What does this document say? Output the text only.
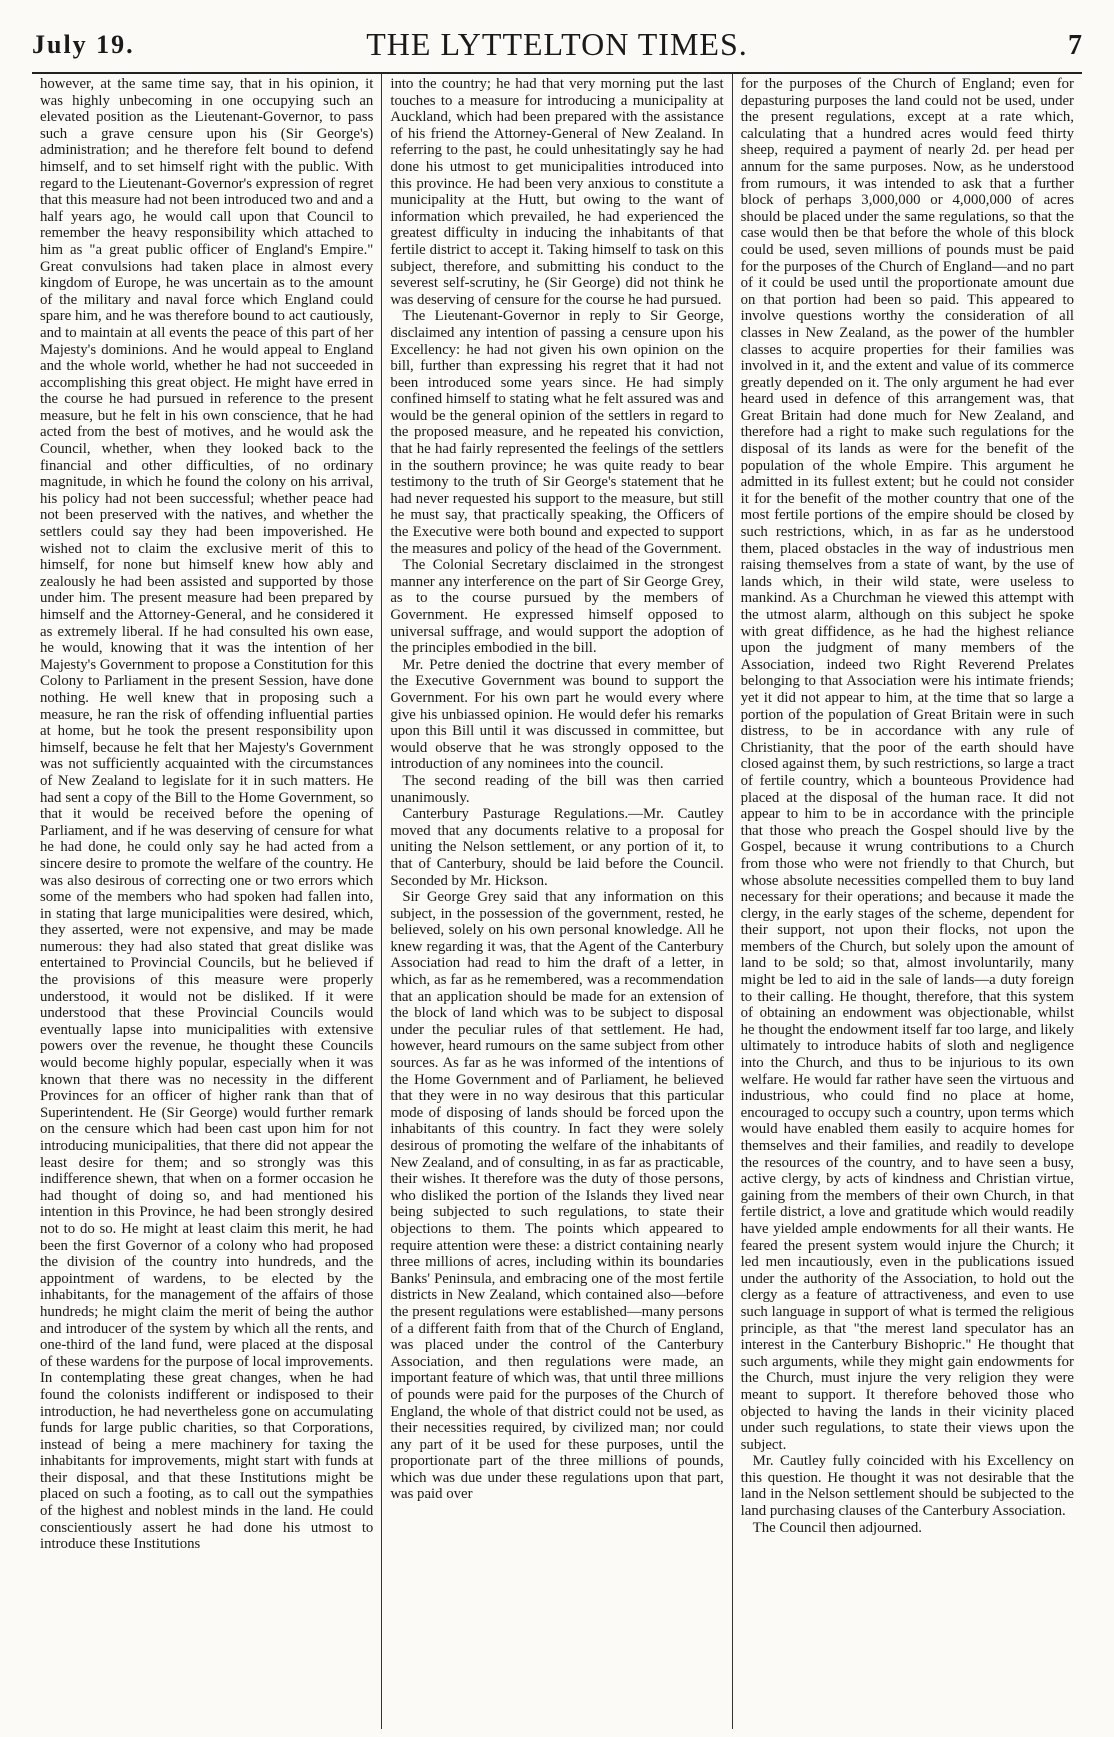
July 19.	THE LYTTELTON TIMES.	7

however, at the same time say, that in his opinion, it was highly unbecoming in one occupying such an elevated position as the Lieutenant-Governor, to pass such a grave censure upon his (Sir George's) administration; and he therefore felt bound to defend himself, and to set himself right with the public. With regard to the Lieutenant-Governor's expression of regret that this measure had not been introduced two and and a half years ago, he would call upon that Council to remember the heavy responsibility which attached to him as "a great public officer of England's Empire." Great convulsions had taken place in almost every kingdom of Europe, he was uncertain as to the amount of the military and naval force which England could spare him, and he was therefore bound to act cautiously, and to maintain at all events the peace of this part of her Majesty's dominions. And he would appeal to England and the whole world, whether he had not succeeded in accomplishing this great object. He might have erred in the course he had pursued in reference to the present measure, but he felt in his own conscience, that he had acted from the best of motives, and he would ask the Council, whether, when they looked back to the financial and other difficulties, of no ordinary magnitude, in which he found the colony on his arrival, his policy had not been successful; whether peace had not been preserved with the natives, and whether the settlers could say they had been impoverished. He wished not to claim the exclusive merit of this to himself, for none but himself knew how ably and zealously he had been assisted and supported by those under him. The present measure had been prepared by himself and the Attorney-General, and he considered it as extremely liberal. If he had consulted his own ease, he would, knowing that it was the intention of her Majesty's Government to propose a Constitution for this Colony to Parliament in the present Session, have done nothing. He well knew that in proposing such a measure, he ran the risk of offending influential parties at home, but he took the present responsibility upon himself, because he felt that her Majesty's Government was not sufficiently acquainted with the circumstances of New Zealand to legislate for it in such matters. He had sent a copy of the Bill to the Home Government, so that it would be received before the opening of Parliament, and if he was deserving of censure for what he had done, he could only say he had acted from a sincere desire to promote the welfare of the country. He was also desirous of correcting one or two errors which some of the members who had spoken had fallen into, in stating that large municipalities were desired, which, they asserted, were not expensive, and may be made numerous: they had also stated that great dislike was entertained to Provincial Councils, but he believed if the provisions of this measure were properly understood, it would not be disliked. If it were understood that these Provincial Councils would eventually lapse into municipalities with extensive powers over the revenue, he thought these Councils would become highly popular, especially when it was known that there was no necessity in the different Provinces for an officer of higher rank than that of Superintendent. He (Sir George) would further remark on the censure which had been cast upon him for not introducing municipalities, that there did not appear the least desire for them; and so strongly was this indifference shewn, that when on a former occasion he had thought of doing so, and had mentioned his intention in this Province, he had been strongly desired not to do so. He might at least claim this merit, he had been the first Governor of a colony who had proposed the division of the country into hundreds, and the appointment of wardens, to be elected by the inhabitants, for the management of the affairs of those hundreds; he might claim the merit of being the author and introducer of the system by which all the rents, and one-third of the land fund, were placed at the disposal of these wardens for the purpose of local improvements. In contemplating these great changes, when he had found the colonists indifferent or indisposed to their introduction, he had nevertheless gone on accumulating funds for large public charities, so that Corporations, instead of being a mere machinery for taxing the inhabitants for improvements, might start with funds at their disposal, and that these Institutions might be placed on such a footing, as to call out the sympathies of the highest and noblest minds in the land. He could conscientiously assert he had done his utmost to introduce these Institutions

into the country; he had that very morning put the last touches to a measure for introducing a municipality at Auckland, which had been prepared with the assistance of his friend the Attorney-General of New Zealand. In referring to the past, he could unhesitatingly say he had done his utmost to get municipalities introduced into this province. He had been very anxious to constitute a municipality at the Hutt, but owing to the want of information which prevailed, he had experienced the greatest difficulty in inducing the inhabitants of that fertile district to accept it. Taking himself to task on this subject, therefore, and submitting his conduct to the severest self-scrutiny, he (Sir George) did not think he was deserving of censure for the course he had pursued.

The Lieutenant-Governor in reply to Sir George, disclaimed any intention of passing a censure upon his Excellency: he had not given his own opinion on the bill, further than expressing his regret that it had not been introduced some years since. He had simply confined himself to stating what he felt assured was and would be the general opinion of the settlers in regard to the proposed measure, and he repeated his conviction, that he had fairly represented the feelings of the settlers in the southern province; he was quite ready to bear testimony to the truth of Sir George's statement that he had never requested his support to the measure, but still he must say, that practically speaking, the Officers of the Executive were both bound and expected to support the measures and policy of the head of the Government.

The Colonial Secretary disclaimed in the strongest manner any interference on the part of Sir George Grey, as to the course pursued by the members of Government. He expressed himself opposed to universal suffrage, and would support the adoption of the principles embodied in the bill.

Mr. Petre denied the doctrine that every member of the Executive Government was bound to support the Government. For his own part he would every where give his unbiassed opinion. He would defer his remarks upon this Bill until it was discussed in committee, but would observe that he was strongly opposed to the introduction of any nominees into the council.

The second reading of the bill was then carried unanimously.

Canterbury Pasturage Regulations.—Mr. Cautley moved that any documents relative to a proposal for uniting the Nelson settlement, or any portion of it, to that of Canterbury, should be laid before the Council. Seconded by Mr. Hickson.

Sir George Grey said that any information on this subject, in the possession of the government, rested, he believed, solely on his own personal knowledge. All he knew regarding it was, that the Agent of the Canterbury Association had read to him the draft of a letter, in which, as far as he remembered, was a recommendation that an application should be made for an extension of the block of land which was to be subject to disposal under the peculiar rules of that settlement. He had, however, heard rumours on the same subject from other sources. As far as he was informed of the intentions of the Home Government and of Parliament, he believed that they were in no way desirous that this particular mode of disposing of lands should be forced upon the inhabitants of this country. In fact they were solely desirous of promoting the welfare of the inhabitants of New Zealand, and of consulting, in as far as practicable, their wishes. It therefore was the duty of those persons, who disliked the portion of the Islands they lived near being subjected to such regulations, to state their objections to them. The points which appeared to require attention were these: a district containing nearly three millions of acres, including within its boundaries Banks' Peninsula, and embracing one of the most fertile districts in New Zealand, which contained also—before the present regulations were established—many persons of a different faith from that of the Church of England, was placed under the control of the Canterbury Association, and then regulations were made, an important feature of which was, that until three millions of pounds were paid for the purposes of the Church of England, the whole of that district could not be used, as their necessities required, by civilized man; nor could any part of it be used for these purposes, until the proportionate part of the three millions of pounds, which was due under these regulations upon that part, was paid over

for the purposes of the Church of England; even for depasturing purposes the land could not be used, under the present regulations, except at a rate which, calculating that a hundred acres would feed thirty sheep, required a payment of nearly 2d. per head per annum for the same purposes. Now, as he understood from rumours, it was intended to ask that a further block of perhaps 3,000,000 or 4,000,000 of acres should be placed under the same regulations, so that the case would then be that before the whole of this block could be used, seven millions of pounds must be paid for the purposes of the Church of England—and no part of it could be used until the proportionate amount due on that portion had been so paid. This appeared to involve questions worthy the consideration of all classes in New Zealand, as the power of the humbler classes to acquire properties for their families was involved in it, and the extent and value of its commerce greatly depended on it. The only argument he had ever heard used in defence of this arrangement was, that Great Britain had done much for New Zealand, and therefore had a right to make such regulations for the disposal of its lands as were for the benefit of the population of the whole Empire. This argument he admitted in its fullest extent; but he could not consider it for the benefit of the mother country that one of the most fertile portions of the empire should be closed by such restrictions, which, in as far as he understood them, placed obstacles in the way of industrious men raising themselves from a state of want, by the use of lands which, in their wild state, were useless to mankind. As a Churchman he viewed this attempt with the utmost alarm, although on this subject he spoke with great diffidence, as he had the highest reliance upon the judgment of many members of the Association, indeed two Right Reverend Prelates belonging to that Association were his intimate friends; yet it did not appear to him, at the time that so large a portion of the population of Great Britain were in such distress, to be in accordance with any rule of Christianity, that the poor of the earth should have closed against them, by such restrictions, so large a tract of fertile country, which a bounteous Providence had placed at the disposal of the human race. It did not appear to him to be in accordance with the principle that those who preach the Gospel should live by the Gospel, because it wrung contributions to a Church from those who were not friendly to that Church, but whose absolute necessities compelled them to buy land necessary for their operations; and because it made the clergy, in the early stages of the scheme, dependent for their support, not upon their flocks, not upon the members of the Church, but solely upon the amount of land to be sold; so that, almost involuntarily, many might be led to aid in the sale of lands—a duty foreign to their calling. He thought, therefore, that this system of obtaining an endowment was objectionable, whilst he thought the endowment itself far too large, and likely ultimately to introduce habits of sloth and negligence into the Church, and thus to be injurious to its own welfare. He would far rather have seen the virtuous and industrious, who could find no place at home, encouraged to occupy such a country, upon terms which would have enabled them easily to acquire homes for themselves and their families, and readily to develope the resources of the country, and to have seen a busy, active clergy, by acts of kindness and Christian virtue, gaining from the members of their own Church, in that fertile district, a love and gratitude which would readily have yielded ample endowments for all their wants. He feared the present system would injure the Church; it led men incautiously, even in the publications issued under the authority of the Association, to hold out the clergy as a feature of attractiveness, and even to use such language in support of what is termed the religious principle, as that "the merest land speculator has an interest in the Canterbury Bishopric." He thought that such arguments, while they might gain endowments for the Church, must injure the very religion they were meant to support. It therefore behoved those who objected to having the lands in their vicinity placed under such regulations, to state their views upon the subject.

Mr. Cautley fully coincided with his Excellency on this question. He thought it was not desirable that the land in the Nelson settlement should be subjected to the land purchasing clauses of the Canterbury Association.

The Council then adjourned.
